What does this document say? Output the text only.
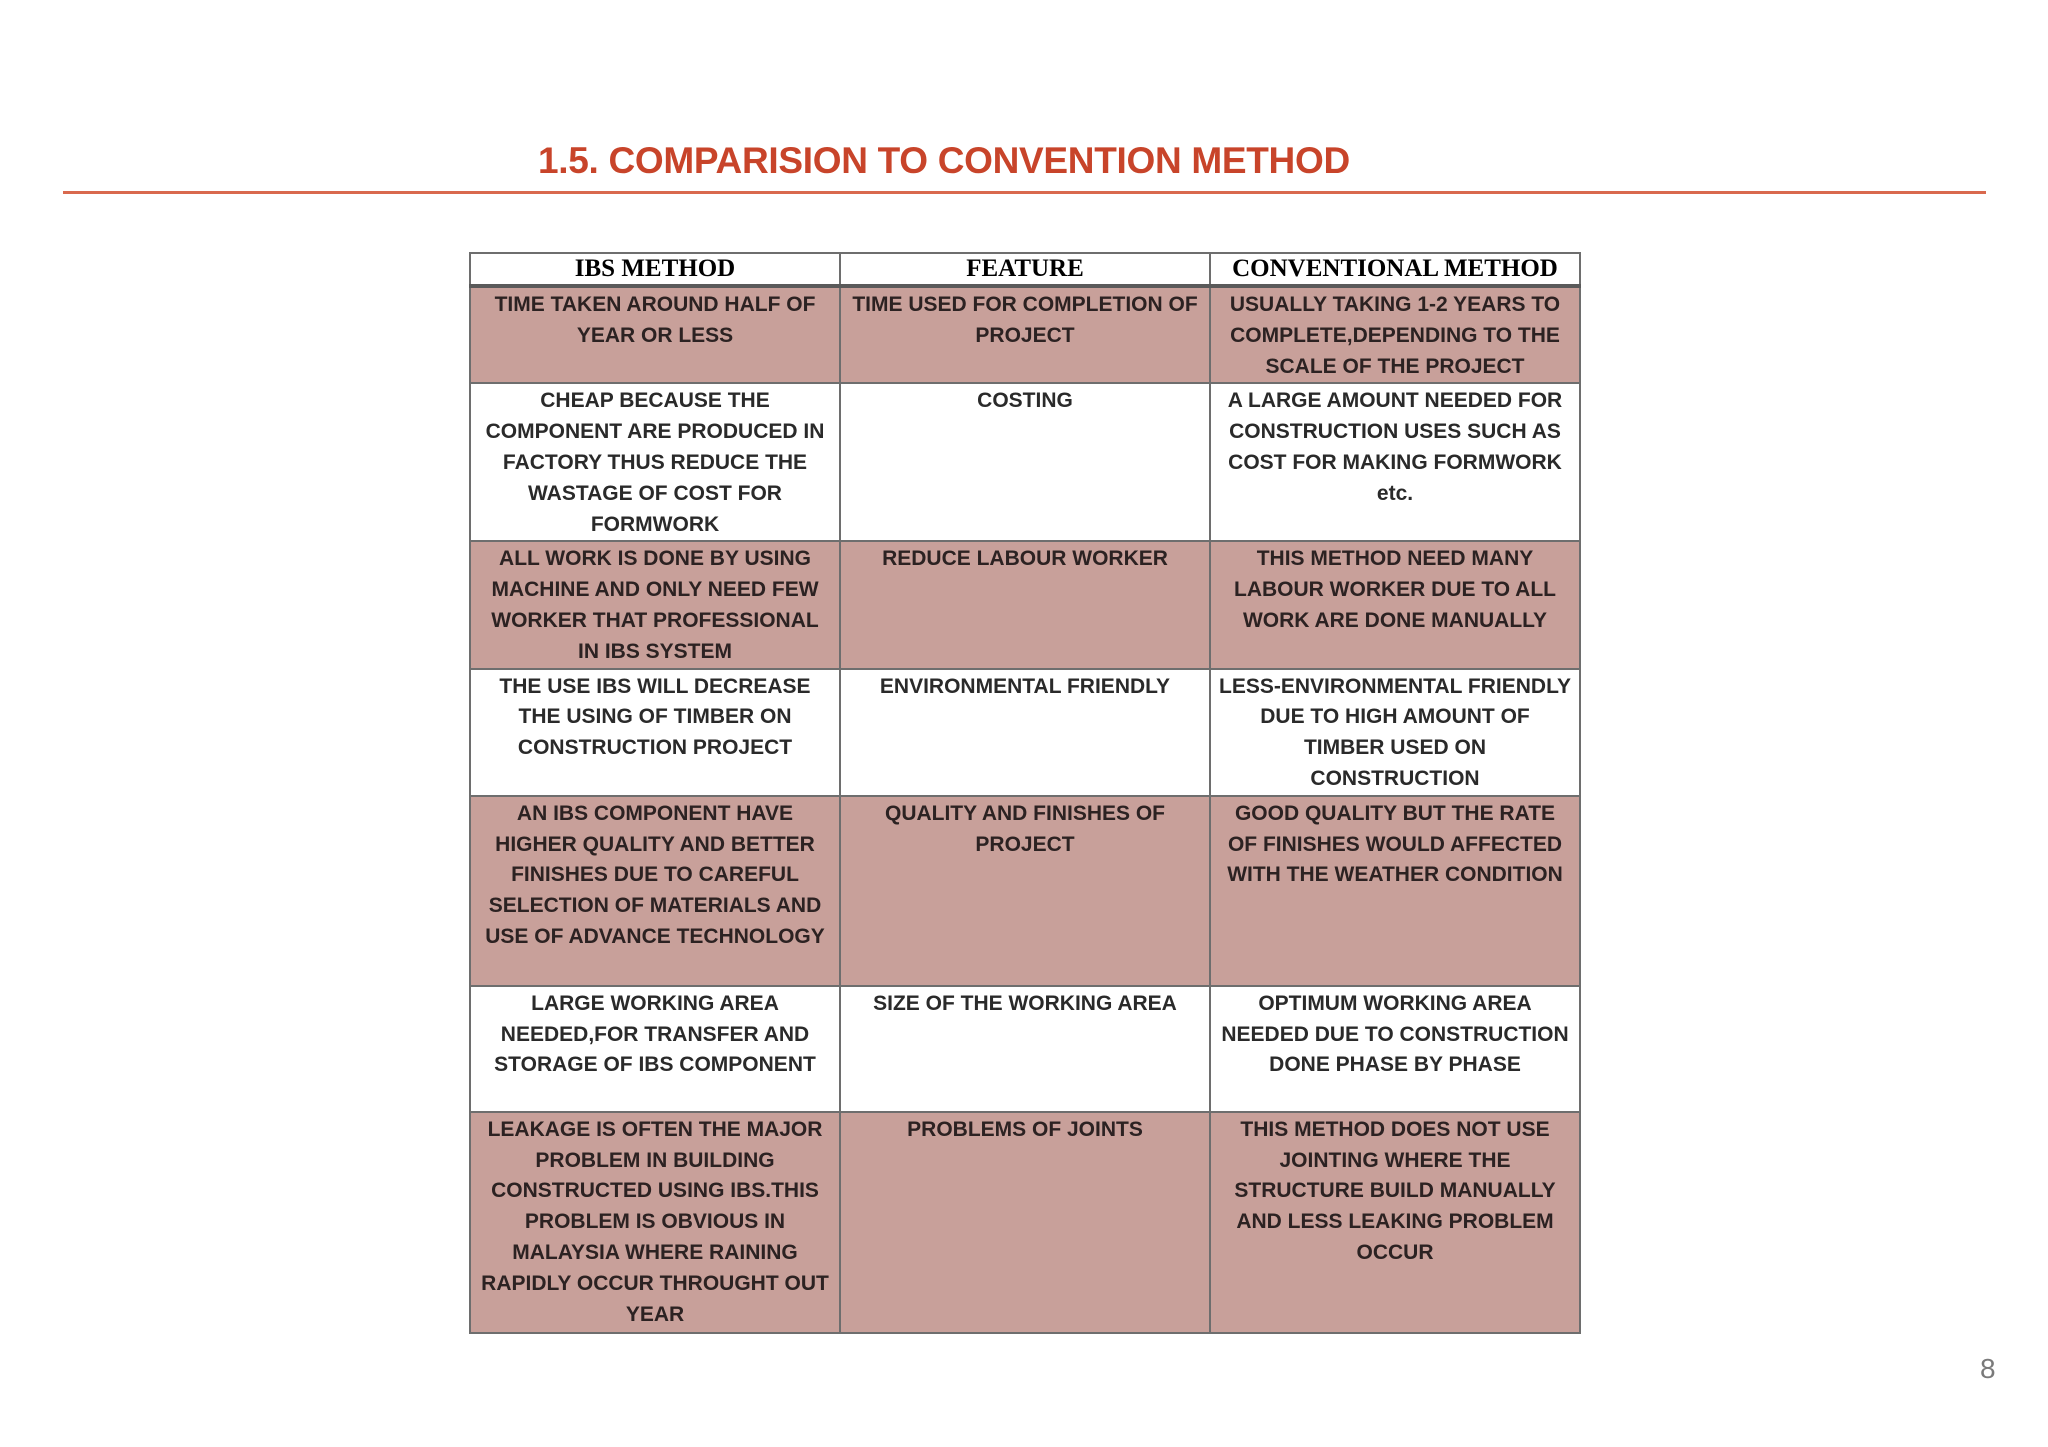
1.5. COMPARISION TO CONVENTION METHOD
IBS METHOD	FEATURE	CONVENTIONAL METHOD
TIME TAKEN AROUND HALF OF YEAR OR LESS	TIME USED FOR COMPLETION OF PROJECT	USUALLY TAKING 1-2 YEARS TO COMPLETE,DEPENDING TO THE SCALE OF THE PROJECT
CHEAP BECAUSE THE COMPONENT ARE PRODUCED IN FACTORY THUS REDUCE THE WASTAGE OF COST FOR FORMWORK	COSTING	A LARGE AMOUNT NEEDED FOR CONSTRUCTION USES SUCH AS COST FOR MAKING FORMWORK etc.
ALL WORK IS DONE BY USING MACHINE AND ONLY NEED FEW WORKER THAT PROFESSIONAL IN IBS SYSTEM	REDUCE LABOUR WORKER	THIS METHOD NEED MANY LABOUR WORKER DUE TO ALL WORK ARE DONE MANUALLY
THE USE IBS WILL DECREASE THE USING OF TIMBER ON CONSTRUCTION PROJECT	ENVIRONMENTAL FRIENDLY	LESS-ENVIRONMENTAL FRIENDLY DUE TO HIGH AMOUNT OF TIMBER USED ON CONSTRUCTION
AN IBS COMPONENT HAVE HIGHER QUALITY AND BETTER FINISHES DUE TO CAREFUL SELECTION OF MATERIALS AND USE OF ADVANCE TECHNOLOGY	QUALITY AND FINISHES OF PROJECT	GOOD QUALITY BUT THE RATE OF FINISHES WOULD AFFECTED WITH THE WEATHER CONDITION
LARGE WORKING AREA NEEDED,FOR TRANSFER AND STORAGE OF IBS COMPONENT	SIZE OF THE WORKING AREA	OPTIMUM WORKING AREA NEEDED DUE TO CONSTRUCTION DONE PHASE BY PHASE
LEAKAGE IS OFTEN THE MAJOR PROBLEM IN BUILDING CONSTRUCTED USING IBS.THIS PROBLEM IS OBVIOUS IN MALAYSIA WHERE RAINING RAPIDLY OCCUR THROUGHT OUT YEAR	PROBLEMS OF JOINTS	THIS METHOD DOES NOT USE JOINTING WHERE THE STRUCTURE BUILD MANUALLY AND LESS LEAKING PROBLEM OCCUR
8
